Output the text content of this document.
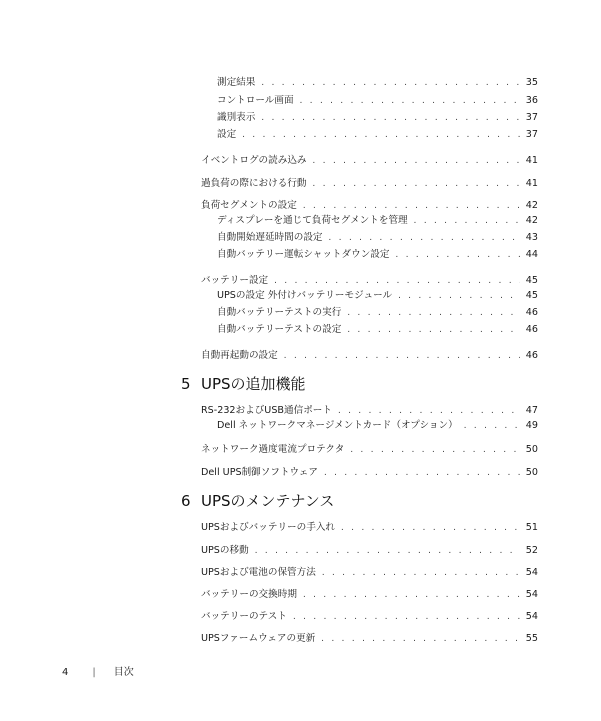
測定結果 . . .	35
コントロール画面 . . .	36
識別表示 . . .	37
設定 . . .	37
イベントログの読み込み . . .	41
過負荷の際における行動 . . .	41
負荷セグメントの設定 . . .	42
ディスプレーを通じて負荷セグメントを管理 . . .	42
自動開始遅延時間の設定 . . .	43
自動バッテリー運転シャットダウン設定 . . .	44
バッテリー設定 . . .	45
UPSの設定 外付けバッテリーモジュール . . .	45
自動バッテリーテストの実行 . . .	46
自動バッテリーテストの設定 . . .	46
自動再起動の設定 . . .	46
5 UPSの追加機能
RS-232およびUSB通信ポート . . .	47
Dell ネットワークマネージメントカード（オプション） . . .	49
ネットワーク過度電流プロテクタ . . .	50
Dell UPS制御ソフトウェア . . .	50
6 UPSのメンテナンス
UPSおよびバッテリーの手入れ . . .	51
UPSの移動 . . .	52
UPSおよび電池の保管方法 . . .	54
バッテリーの交換時期 . . .	54
バッテリーのテスト . . .	54
UPSファームウェアの更新 . . .	55
4 | 目次
